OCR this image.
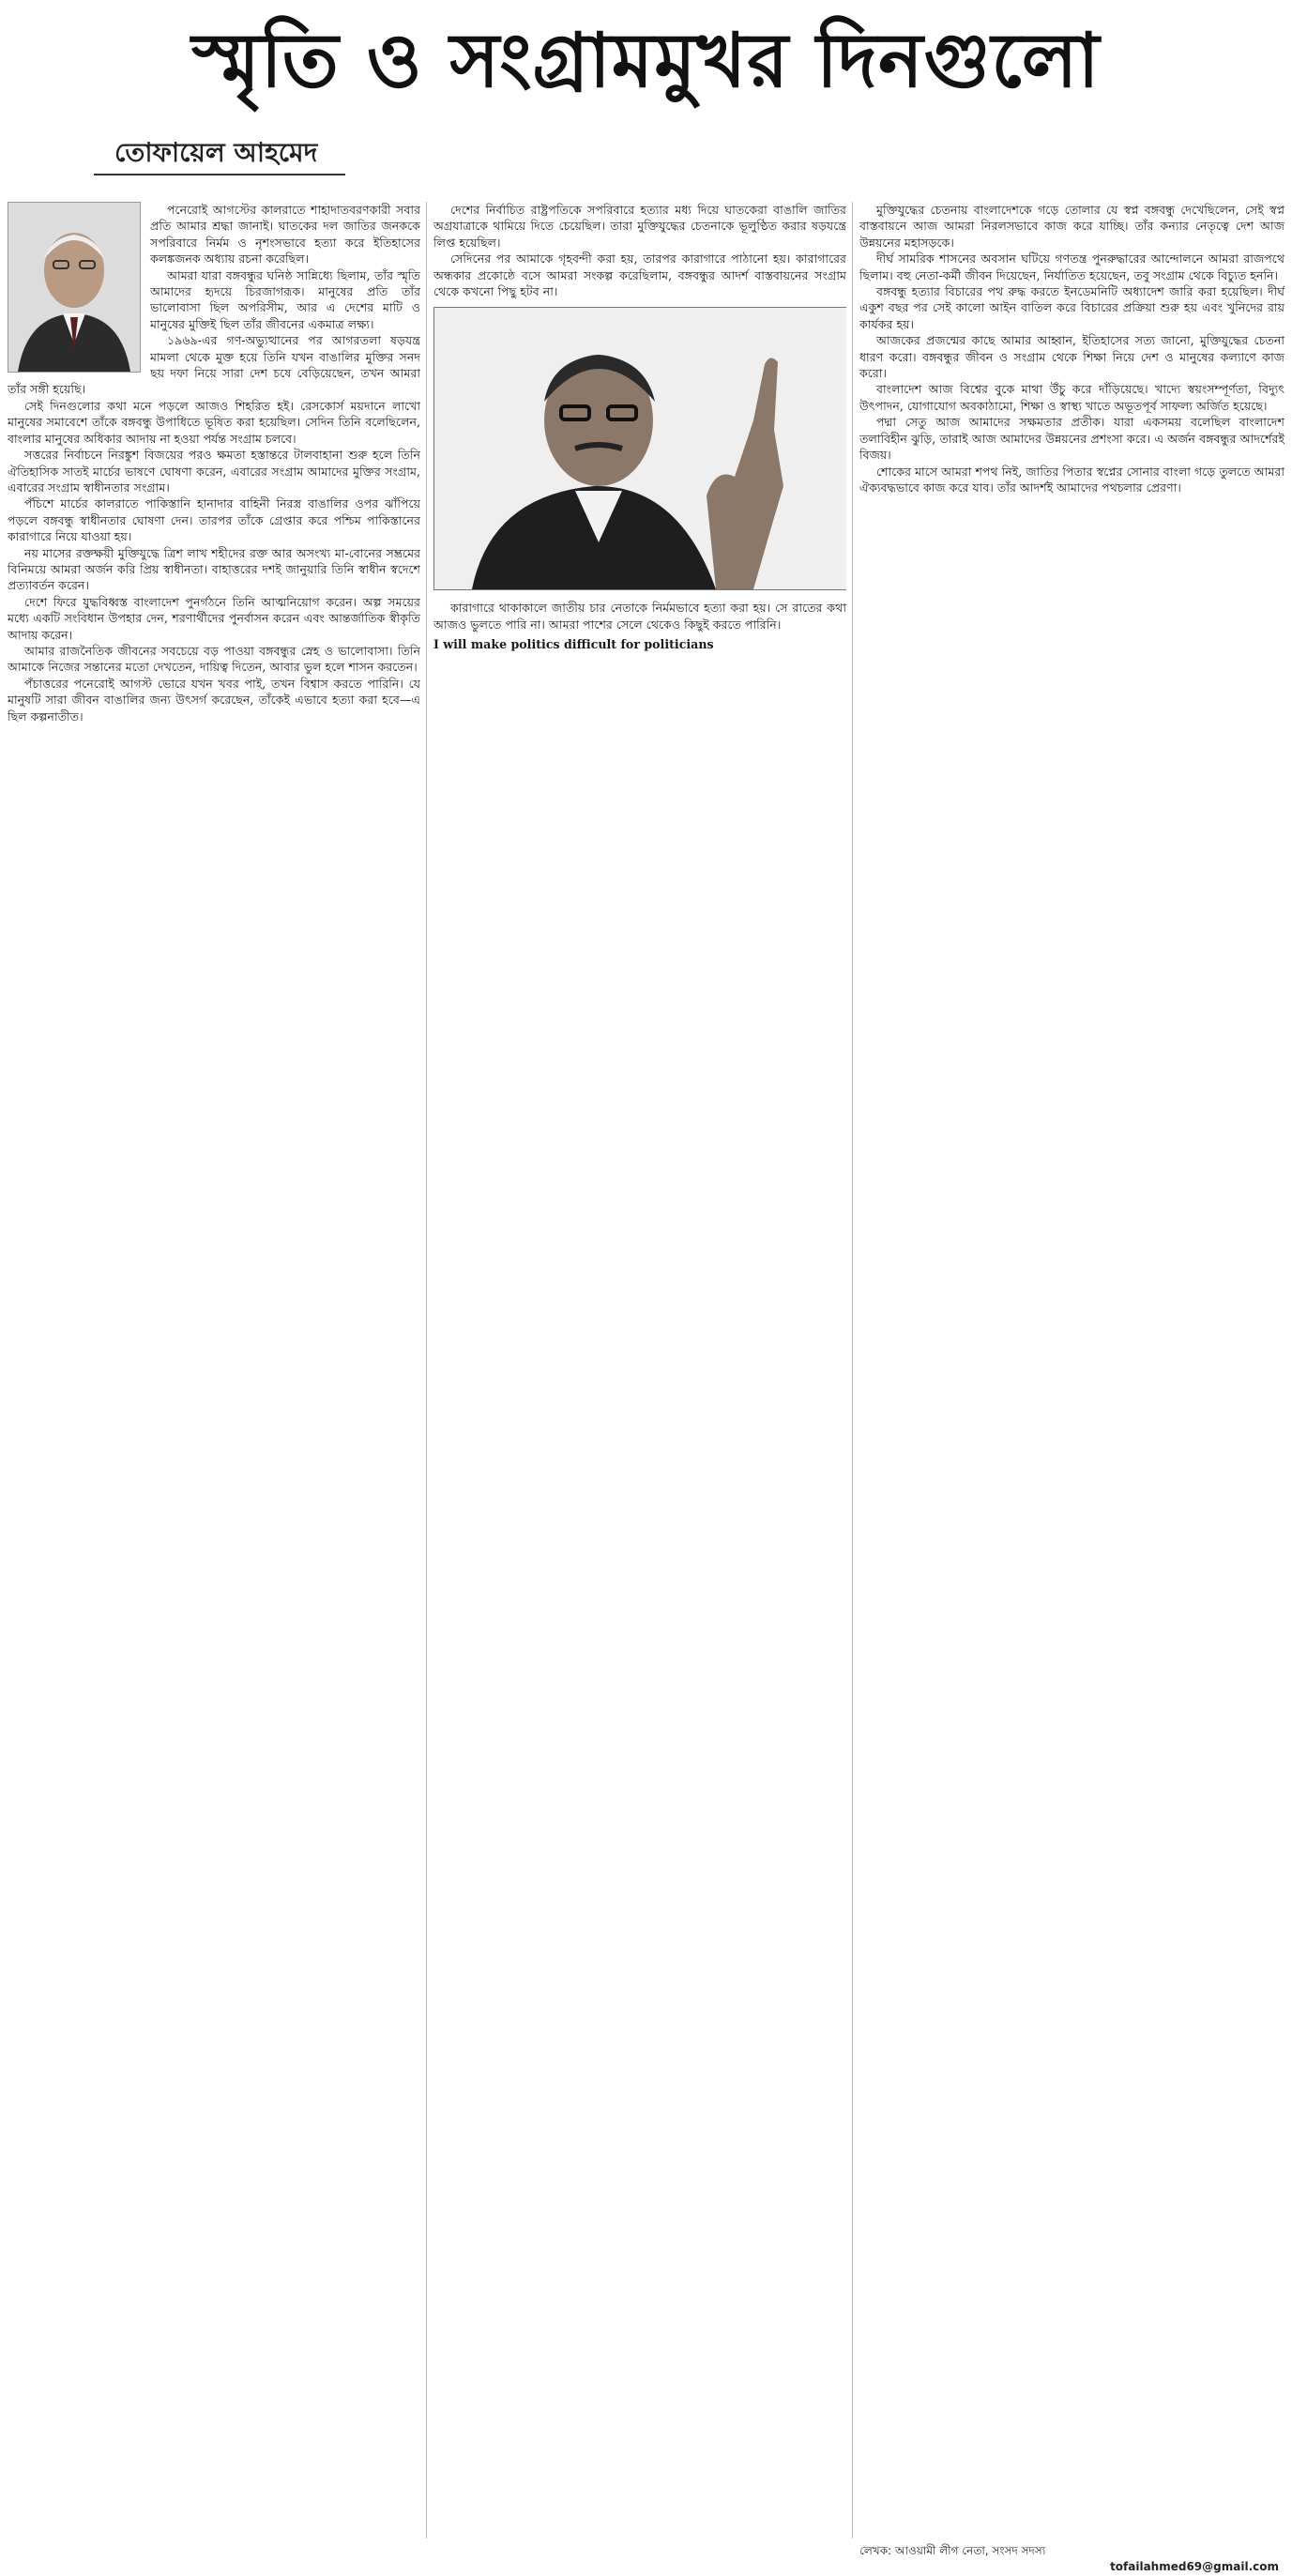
স্মৃতি ও সংগ্রামমুখর দিনগুলো
তোফায়েল আহমেদ

পনেরোই আগস্টের কালরাতে শাহাদাতবরণকারী সবার প্রতি আমার শ্রদ্ধা জানাই। ঘাতকের দল জাতির জনককে সপরিবারে নির্মম ও নৃশংসভাবে হত্যা করে ইতিহাসের কলঙ্কজনক অধ্যায় রচনা করেছিল।

আমরা যারা বঙ্গবন্ধুর ঘনিষ্ঠ সান্নিধ্যে ছিলাম, তাঁর স্মৃতি আমাদের হৃদয়ে চিরজাগরূক। মানুষের প্রতি তাঁর ভালোবাসা ছিল অপরিসীম, আর এ দেশের মাটি ও মানুষের মুক্তিই ছিল তাঁর জীবনের একমাত্র লক্ষ্য।

১৯৬৯-এর গণ-অভ্যুত্থানের পর আগরতলা ষড়যন্ত্র মামলা থেকে মুক্ত হয়ে তিনি যখন বাঙালির মুক্তির সনদ ছয় দফা নিয়ে সারা দেশ চষে বেড়িয়েছেন, তখন আমরা তাঁর সঙ্গী হয়েছি।

সেই দিনগুলোর কথা মনে পড়লে আজও শিহরিত হই। রেসকোর্স ময়দানে লাখো মানুষের সমাবেশে তাঁকে বঙ্গবন্ধু উপাধিতে ভূষিত করা হয়েছিল। সেদিন তিনি বলেছিলেন, বাংলার মানুষের অধিকার আদায় না হওয়া পর্যন্ত সংগ্রাম চলবে।

সত্তরের নির্বাচনে নিরঙ্কুশ বিজয়ের পরও ক্ষমতা হস্তান্তরে টালবাহানা শুরু হলে তিনি ঐতিহাসিক সাতই মার্চের ভাষণে ঘোষণা করেন, এবারের সংগ্রাম আমাদের মুক্তির সংগ্রাম, এবারের সংগ্রাম স্বাধীনতার সংগ্রাম।

পঁচিশে মার্চের কালরাতে পাকিস্তানি হানাদার বাহিনী নিরস্ত্র বাঙালির ওপর ঝাঁপিয়ে পড়লে বঙ্গবন্ধু স্বাধীনতার ঘোষণা দেন। তারপর তাঁকে গ্রেপ্তার করে পশ্চিম পাকিস্তানের কারাগারে নিয়ে যাওয়া হয়।

নয় মাসের রক্তক্ষয়ী মুক্তিযুদ্ধে ত্রিশ লাখ শহীদের রক্ত আর অসংখ্য মা-বোনের সম্ভ্রমের বিনিময়ে আমরা অর্জন করি প্রিয় স্বাধীনতা। বাহাত্তরের দশই জানুয়ারি তিনি স্বাধীন স্বদেশে প্রত্যাবর্তন করেন।

দেশে ফিরে যুদ্ধবিধ্বস্ত বাংলাদেশ পুনর্গঠনে তিনি আত্মনিয়োগ করেন। অল্প সময়ের মধ্যে একটি সংবিধান উপহার দেন, শরণার্থীদের পুনর্বাসন করেন এবং আন্তর্জাতিক স্বীকৃতি আদায় করেন।

আমার রাজনৈতিক জীবনের সবচেয়ে বড় পাওয়া বঙ্গবন্ধুর স্নেহ ও ভালোবাসা। তিনি আমাকে নিজের সন্তানের মতো দেখতেন, দায়িত্ব দিতেন, আবার ভুল হলে শাসন করতেন।

পঁচাত্তরের পনেরোই আগস্ট ভোরে যখন খবর পাই, তখন বিশ্বাস করতে পারিনি। যে মানুষটি সারা জীবন বাঙালির জন্য উৎসর্গ করেছেন, তাঁকেই এভাবে হত্যা করা হবে—এ ছিল কল্পনাতীত।

দেশের নির্বাচিত রাষ্ট্রপতিকে সপরিবারে হত্যার মধ্য দিয়ে ঘাতকেরা বাঙালি জাতির অগ্রযাত্রাকে থামিয়ে দিতে চেয়েছিল। তারা মুক্তিযুদ্ধের চেতনাকে ভূলুণ্ঠিত করার ষড়যন্ত্রে লিপ্ত হয়েছিল।

সেদিনের পর আমাকে গৃহবন্দী করা হয়, তারপর কারাগারে পাঠানো হয়। কারাগারের অন্ধকার প্রকোষ্ঠে বসে আমরা সংকল্প করেছিলাম, বঙ্গবন্ধুর আদর্শ বাস্তবায়নের সংগ্রাম থেকে কখনো পিছু হটব না।

কারাগারে থাকাকালে জাতীয় চার নেতাকে নির্মমভাবে হত্যা করা হয়। সে রাতের কথা আজও ভুলতে পারি না। আমরা পাশের সেলে থেকেও কিছুই করতে পারিনি।

I will make politics difficult for politicians

মুক্তিযুদ্ধের চেতনায় বাংলাদেশকে গড়ে তোলার যে স্বপ্ন বঙ্গবন্ধু দেখেছিলেন, সেই স্বপ্ন বাস্তবায়নে আজ আমরা নিরলসভাবে কাজ করে যাচ্ছি। তাঁর কন্যার নেতৃত্বে দেশ আজ উন্নয়নের মহাসড়কে।

দীর্ঘ সামরিক শাসনের অবসান ঘটিয়ে গণতন্ত্র পুনরুদ্ধারের আন্দোলনে আমরা রাজপথে ছিলাম। বহু নেতা-কর্মী জীবন দিয়েছেন, নির্যাতিত হয়েছেন, তবু সংগ্রাম থেকে বিচ্যুত হননি।

বঙ্গবন্ধু হত্যার বিচারের পথ রুদ্ধ করতে ইনডেমনিটি অধ্যাদেশ জারি করা হয়েছিল। দীর্ঘ একুশ বছর পর সেই কালো আইন বাতিল করে বিচারের প্রক্রিয়া শুরু হয় এবং খুনিদের রায় কার্যকর হয়।

আজকের প্রজন্মের কাছে আমার আহ্বান, ইতিহাসের সত্য জানো, মুক্তিযুদ্ধের চেতনা ধারণ করো। বঙ্গবন্ধুর জীবন ও সংগ্রাম থেকে শিক্ষা নিয়ে দেশ ও মানুষের কল্যাণে কাজ করো।

বাংলাদেশ আজ বিশ্বের বুকে মাথা উঁচু করে দাঁড়িয়েছে। খাদ্যে স্বয়ংসম্পূর্ণতা, বিদ্যুৎ উৎপাদন, যোগাযোগ অবকাঠামো, শিক্ষা ও স্বাস্থ্য খাতে অভূতপূর্ব সাফল্য অর্জিত হয়েছে।

পদ্মা সেতু আজ আমাদের সক্ষমতার প্রতীক। যারা একসময় বলেছিল বাংলাদেশ তলাবিহীন ঝুড়ি, তারাই আজ আমাদের উন্নয়নের প্রশংসা করে। এ অর্জন বঙ্গবন্ধুর আদর্শেরই বিজয়।

শোকের মাসে আমরা শপথ নিই, জাতির পিতার স্বপ্নের সোনার বাংলা গড়ে তুলতে আমরা ঐক্যবদ্ধভাবে কাজ করে যাব। তাঁর আদর্শই আমাদের পথচলার প্রেরণা।

লেখক: আওয়ামী লীগ নেতা, সংসদ সদস্য
tofailahmed69@gmail.com
